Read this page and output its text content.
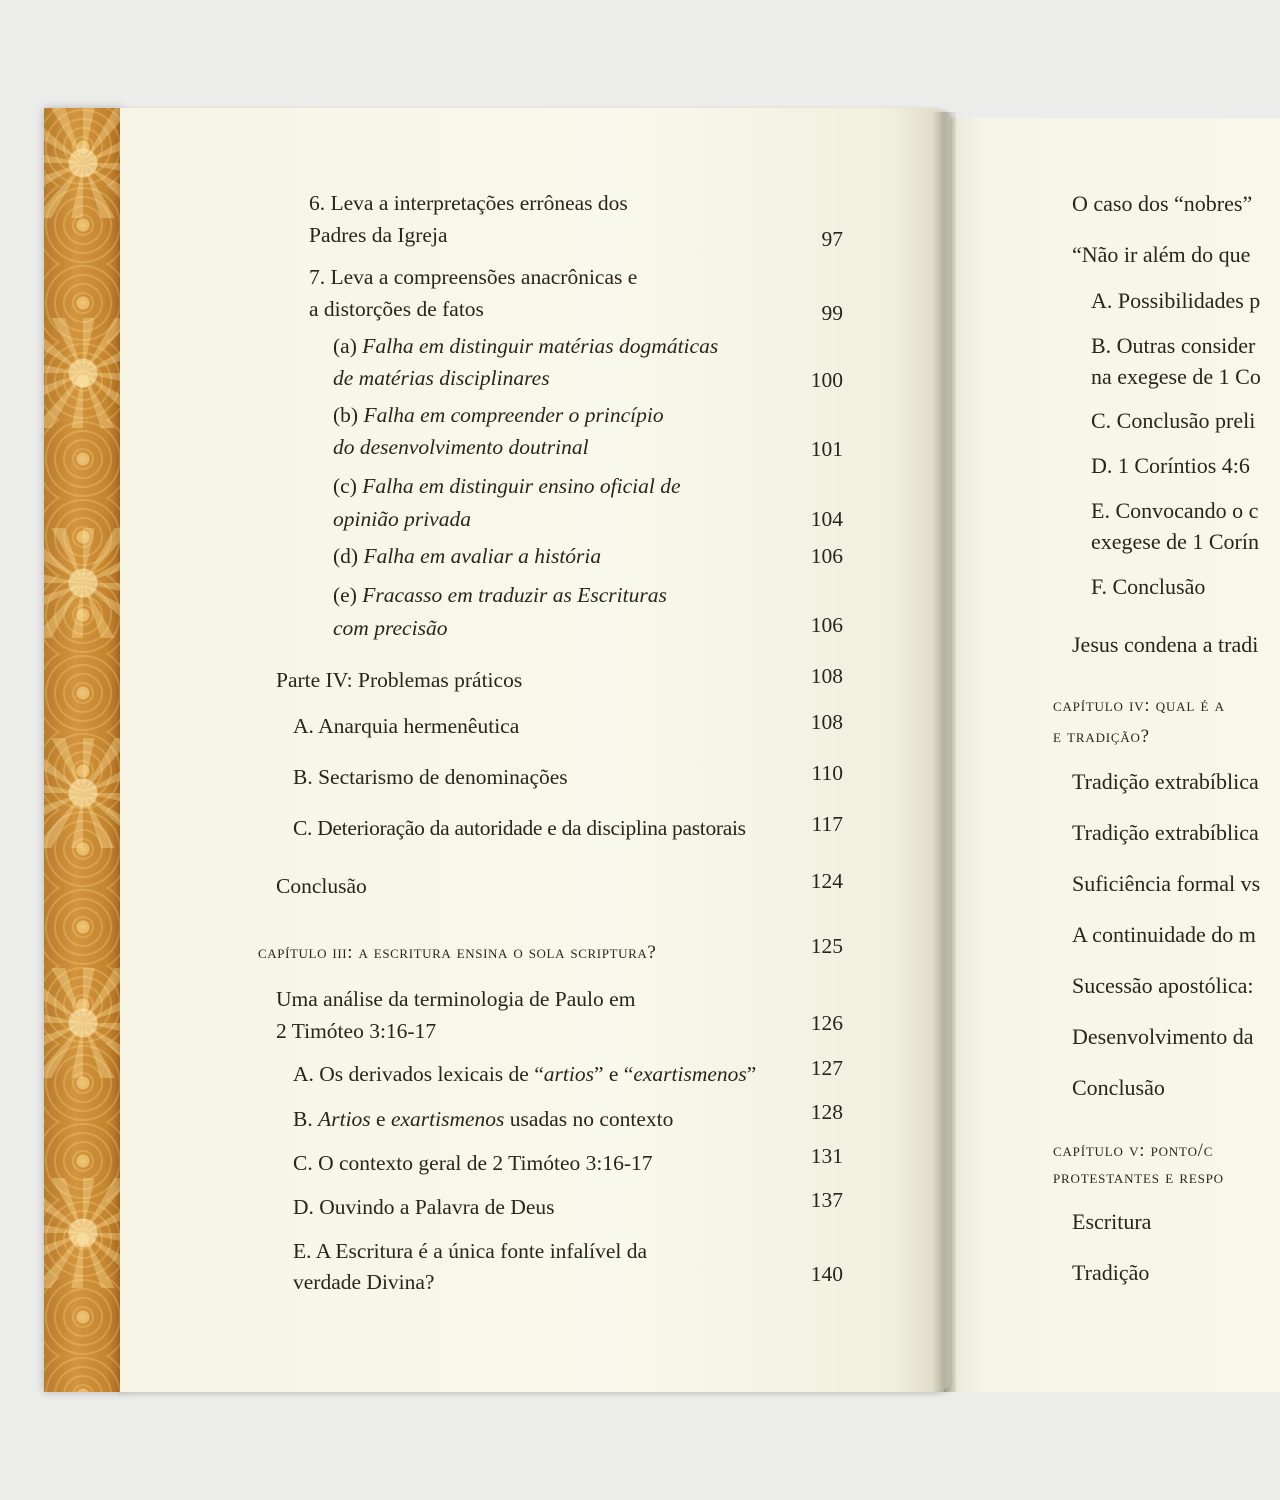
6. Leva a interpretações errôneas dos
Padres da Igreja	97
7. Leva a compreensões anacrônicas e
a distorções de fatos	99
(a) Falha em distinguir matérias dogmáticas
de matérias disciplinares	100
(b) Falha em compreender o princípio
do desenvolvimento doutrinal	101
(c) Falha em distinguir ensino oficial de
opinião privada	104
(d) Falha em avaliar a história	106
(e) Fracasso em traduzir as Escrituras
com precisão	106
Parte IV: Problemas práticos	108
A. Anarquia hermenêutica	108
B. Sectarismo de denominações	110
C. Deterioração da autoridade e da disciplina pastorais	117
Conclusão	124
capítulo iii: a escritura ensina o sola scriptura?	125
Uma análise da terminologia de Paulo em
2 Timóteo 3:16-17	126
A. Os derivados lexicais de “artios” e “exartismenos”	127
B. Artios e exartismenos usadas no contexto	128
C. O contexto geral de 2 Timóteo 3:16-17	131
D. Ouvindo a Palavra de Deus	137
E. A Escritura é a única fonte infalível da
verdade Divina?	140
O caso dos “nobres”
“Não ir além do que
A. Possibilidades p
B. Outras consider
na exegese de 1 Co
C. Conclusão preli
D. 1 Coríntios 4:6
E. Convocando o c
exegese de 1 Corín
F. Conclusão
Jesus condena a tradi
capítulo iv: qual é a
e tradição?
Tradição extrabíblica
Tradição extrabíblica
Suficiência formal vs
A continuidade do m
Sucessão apostólica:
Desenvolvimento da
Conclusão
capítulo v: ponto/c
protestantes e respo
Escritura
Tradição
